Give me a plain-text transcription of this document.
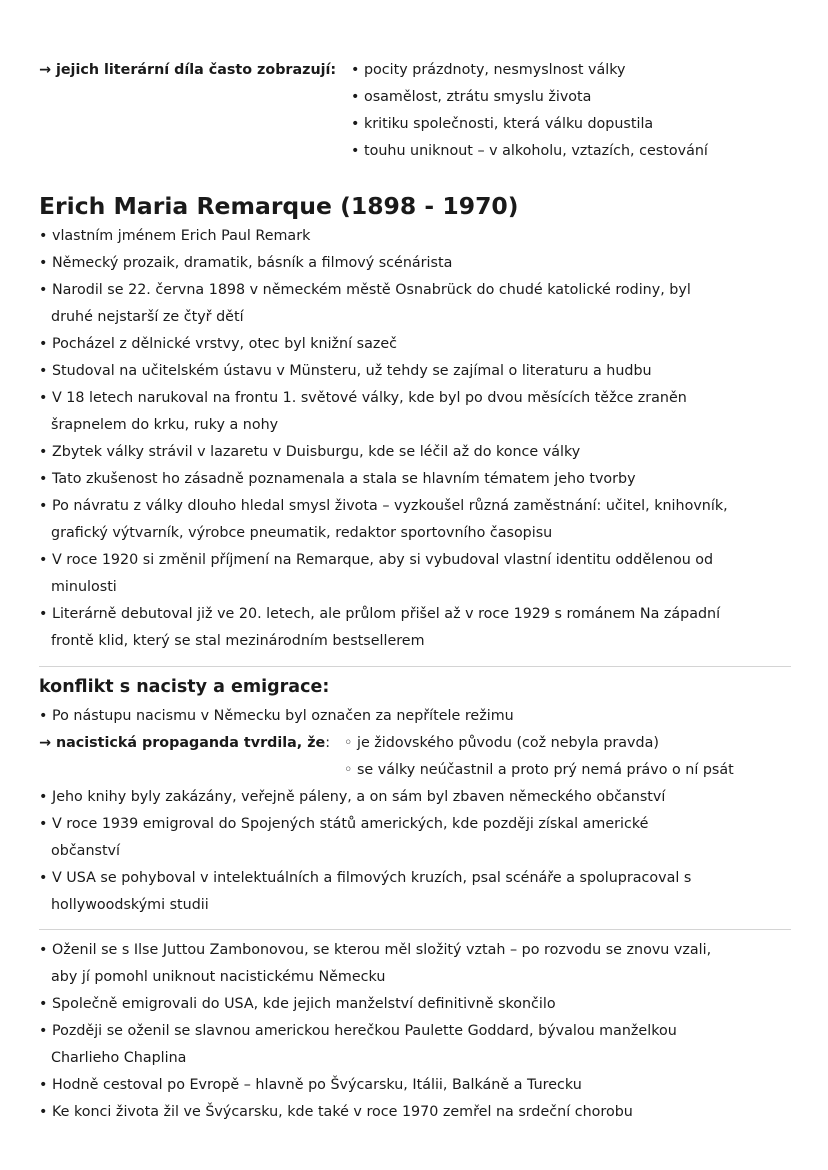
→ jejich literární díla často zobrazují: • pocity prázdnoty, nesmyslnost války
• osamělost, ztrátu smyslu života
• kritiku společnosti, která válku dopustila
• touhu uniknout – v alkoholu, vztazích, cestování
Erich Maria Remarque (1898 - 1970)
• vlastním jménem Erich Paul Remark
• Německý prozaik, dramatik, básník a filmový scénárista
• Narodil se 22. června 1898 v německém městě Osnabrück do chudé katolické rodiny, byl
druhé nejstarší ze čtyř dětí
• Pocházel z dělnické vrstvy, otec byl knižní sazeč
• Studoval na učitelském ústavu v Münsteru, už tehdy se zajímal o literaturu a hudbu
• V 18 letech narukoval na frontu 1. světové války, kde byl po dvou měsících těžce zraněn
šrapnelem do krku, ruky a nohy
• Zbytek války strávil v lazaretu v Duisburgu, kde se léčil až do konce války
• Tato zkušenost ho zásadně poznamenala a stala se hlavním tématem jeho tvorby
• Po návratu z války dlouho hledal smysl života – vyzkoušel různá zaměstnání: učitel, knihovník,
grafický výtvarník, výrobce pneumatik, redaktor sportovního časopisu
• V roce 1920 si změnil příjmení na Remarque, aby si vybudoval vlastní identitu oddělenou od
minulosti
• Literárně debutoval již ve 20. letech, ale průlom přišel až v roce 1929 s románem Na západní
frontě klid, který se stal mezinárodním bestsellerem
konflikt s nacisty a emigrace:
• Po nástupu nacismu v Německu byl označen za nepřítele režimu
→ nacistická propaganda tvrdila, že: ◦ je židovského původu (což nebyla pravda)
◦ se války neúčastnil a proto prý nemá právo o ní psát
• Jeho knihy byly zakázány, veřejně páleny, a on sám byl zbaven německého občanství
• V roce 1939 emigroval do Spojených států amerických, kde později získal americké
občanství
• V USA se pohyboval v intelektuálních a filmových kruzích, psal scénáře a spolupracoval s
hollywoodskými studii
• Oženil se s Ilse Juttou Zambonovou, se kterou měl složitý vztah – po rozvodu se znovu vzali,
aby jí pomohl uniknout nacistickému Německu
• Společně emigrovali do USA, kde jejich manželství definitivně skončilo
• Později se oženil se slavnou americkou herečkou Paulette Goddard, bývalou manželkou
Charlieho Chaplina
• Hodně cestoval po Evropě – hlavně po Švýcarsku, Itálii, Balkáně a Turecku
• Ke konci života žil ve Švýcarsku, kde také v roce 1970 zemřel na srdeční chorobu
